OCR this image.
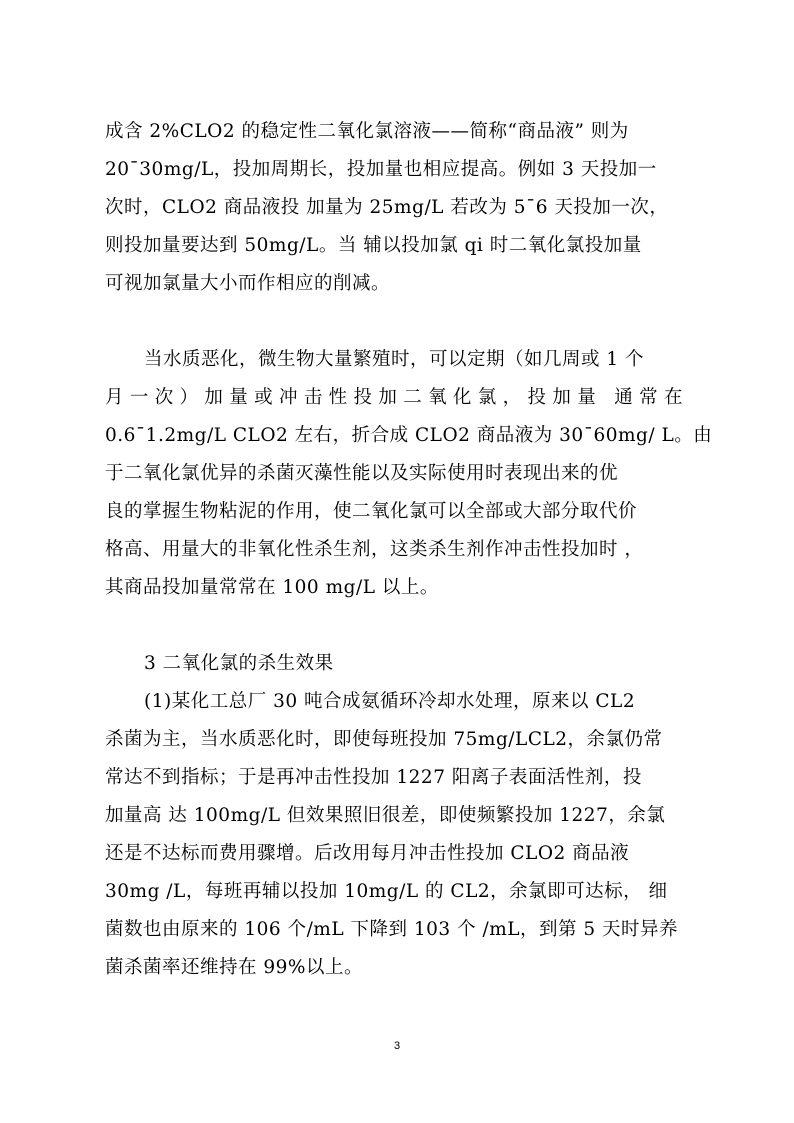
成含 2%CLO2 的稳定性二氧化氯溶液——简称“商品液” 则为
20¯30mg/L，投加周期长，投加量也相应提高。例如 3 天投加一
次时，CLO2 商品液投 加量为 25mg/L 若改为 5¯6 天投加一次，
则投加量要达到 50mg/L。当 辅以投加氯 qi 时二氧化氯投加量
可视加氯量大小而作相应的削减。
当水质恶化，微生物大量繁殖时，可以定期（如几周或 1 个
月一次）加量或冲击性投加二氧化氯，投加量 通常在
0.6¯1.2mg/L CLO2 左右，折合成 CLO2 商品液为 30¯60mg/ L。由
于二氧化氯优异的杀菌灭藻性能以及实际使用时表现出来的优
良的掌握生物粘泥的作用，使二氧化氯可以全部或大部分取代价
格高、用量大的非氧化性杀生剂，这类杀生剂作冲击性投加时 ，
其商品投加量常常在 100 mg/L 以上。
3 二氧化氯的杀生效果
(1)某化工总厂 30 吨合成氨循环冷却水处理，原来以 CL2
杀菌为主，当水质恶化时，即使每班投加 75mg/LCL2，余氯仍常
常达不到指标；于是再冲击性投加 1227 阳离子表面活性剂，投
加量高 达 100mg/L 但效果照旧很差，即使频繁投加 1227，余氯
还是不达标而费用骤增。后改用每月冲击性投加 CLO2 商品液
30mg /L，每班再辅以投加 10mg/L 的 CL2，余氯即可达标， 细
菌数也由原来的 106 个/mL 下降到 103 个 /mL，到第 5 天时异养
菌杀菌率还维持在 99%以上。
3
